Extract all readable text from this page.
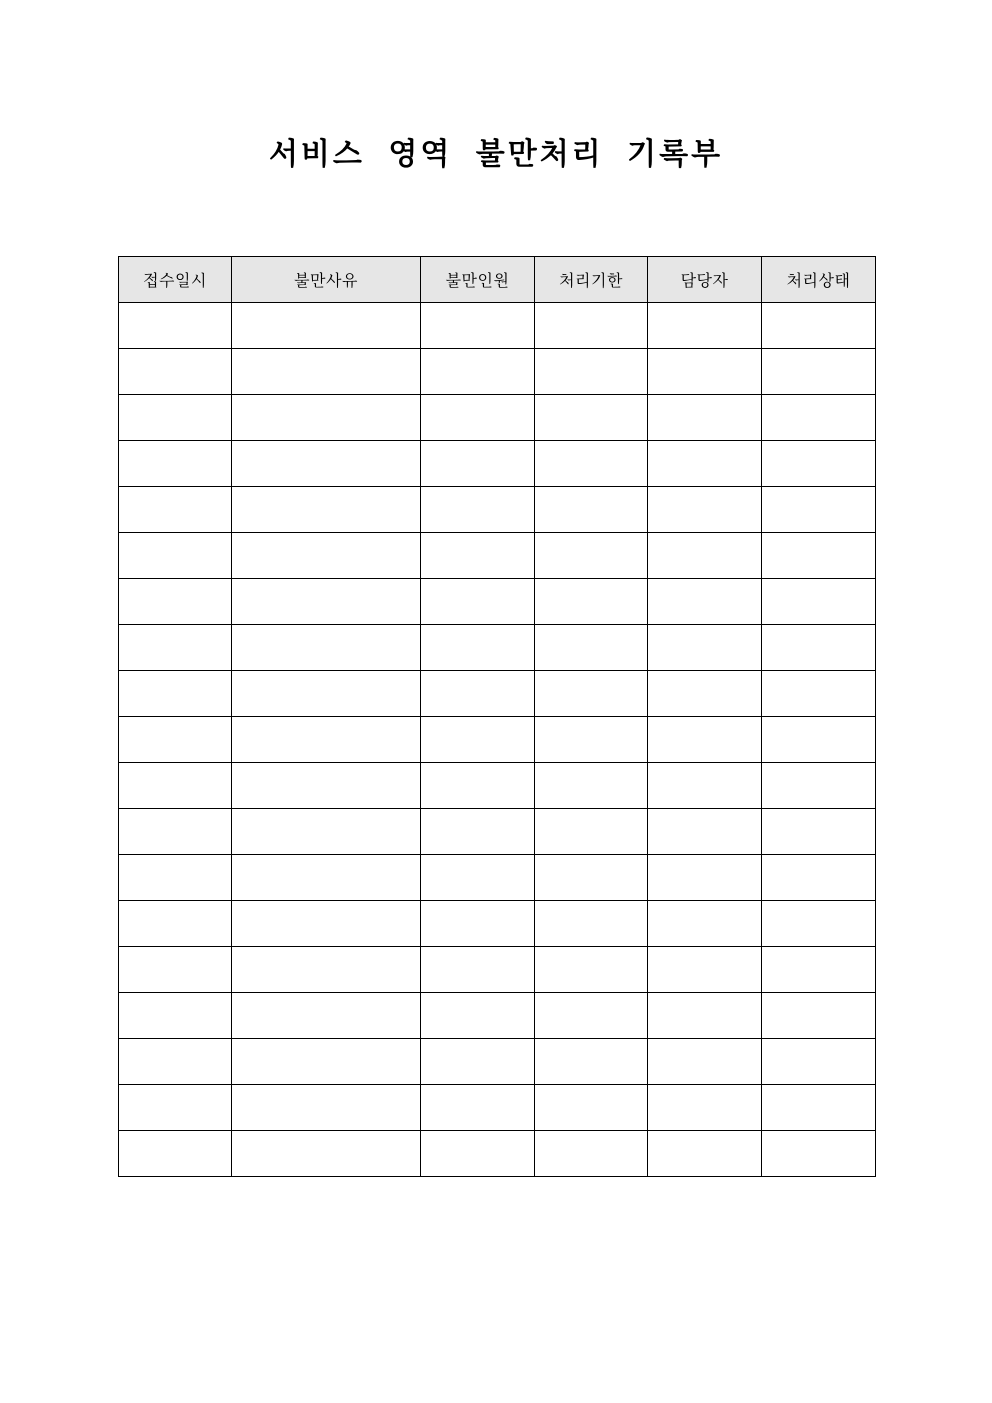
서비스 영역 불만처리 기록부
접수일시	불만사유	불만인원	처리기한	담당자	처리상태
